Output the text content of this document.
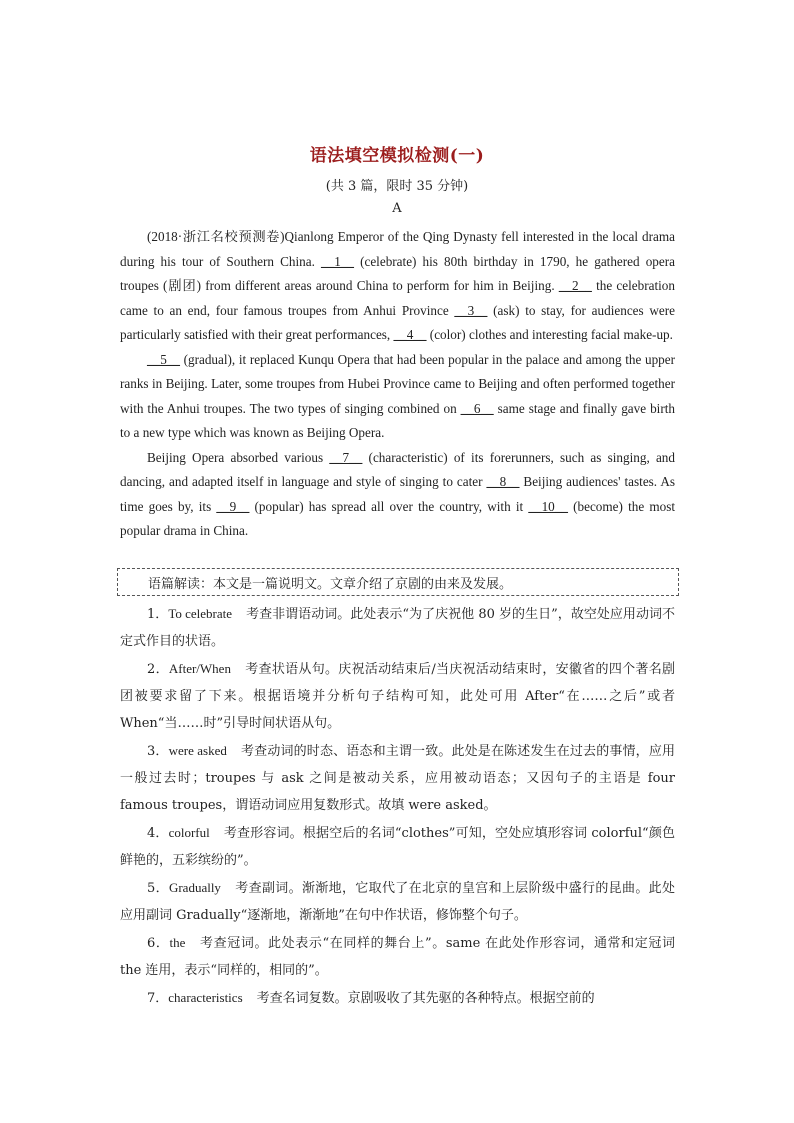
语法填空模拟检测(一)
(共 3 篇，限时 35 分钟)
A

(2018·浙江名校预测卷)Qianlong Emperor of the Qing Dynasty fell interested in the local drama during his tour of Southern China. __1__ (celebrate) his 80th birthday in 1790, he gathered opera troupes (剧团) from different areas around China to perform for him in Beijing. __2__ the celebration came to an end, four famous troupes from Anhui Province __3__ (ask) to stay, for audiences were particularly satisfied with their great performances, __4__ (color) clothes and interesting facial make-up.

__5__ (gradual), it replaced Kunqu Opera that had been popular in the palace and among the upper ranks in Beijing. Later, some troupes from Hubei Province came to Beijing and often performed together with the Anhui troupes. The two types of singing combined on __6__ same stage and finally gave birth to a new type which was known as Beijing Opera.

Beijing Opera absorbed various __7__ (characteristic) of its forerunners, such as singing, and dancing, and adapted itself in language and style of singing to cater __8__ Beijing audiences' tastes. As time goes by, its __9__ (popular) has spread all over the country, with it __10__ (become) the most popular drama in China.

语篇解读：本文是一篇说明文。文章介绍了京剧的由来及发展。

1．To celebrate 考查非谓语动词。此处表示“为了庆祝他 80 岁的生日”，故空处应用动词不定式作目的状语。

2．After/When 考查状语从句。庆祝活动结束后/当庆祝活动结束时，安徽省的四个著名剧团被要求留了下来。根据语境并分析句子结构可知，此处可用 After“在……之后”或者 When“当……时”引导时间状语从句。

3．were asked 考查动词的时态、语态和主谓一致。此处是在陈述发生在过去的事情，应用一般过去时；troupes 与 ask 之间是被动关系，应用被动语态；又因句子的主语是 four famous troupes，谓语动词应用复数形式。故填 were asked。

4．colorful 考查形容词。根据空后的名词“clothes”可知，空处应填形容词 colorful“颜色鲜艳的，五彩缤纷的”。

5．Gradually 考查副词。渐渐地，它取代了在北京的皇宫和上层阶级中盛行的昆曲。此处应用副词 Gradually“逐渐地，渐渐地”在句中作状语，修饰整个句子。

6．the 考查冠词。此处表示“在同样的舞台上”。same 在此处作形容词，通常和定冠词 the 连用，表示“同样的，相同的”。

7．characteristics 考查名词复数。京剧吸收了其先驱的各种特点。根据空前的
